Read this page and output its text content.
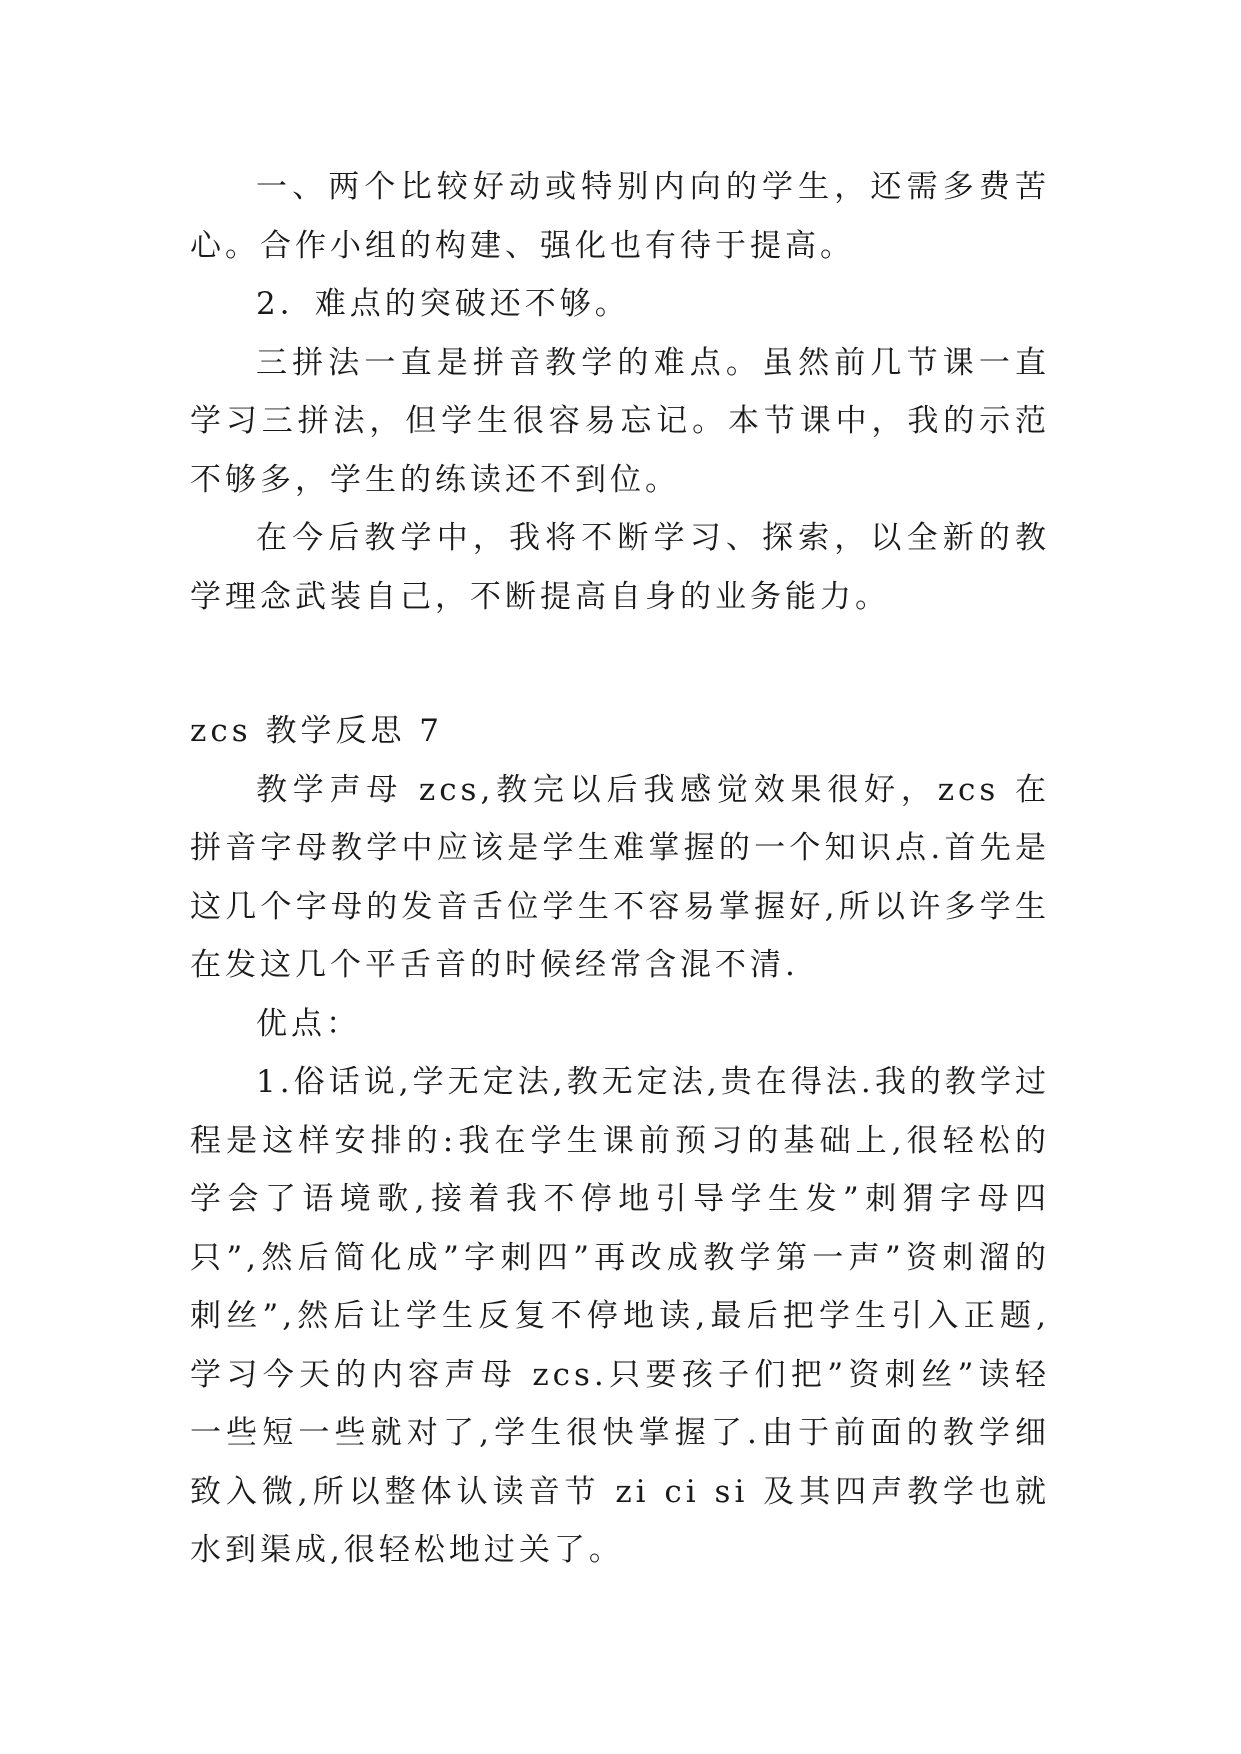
一、两个比较好动或特别内向的学生，还需多费苦心。合作小组的构建、强化也有待于提高。

2．难点的突破还不够。

三拼法一直是拼音教学的难点。虽然前几节课一直学习三拼法，但学生很容易忘记。本节课中，我的示范不够多，学生的练读还不到位。

在今后教学中，我将不断学习、探索，以全新的教学理念武装自己，不断提高自身的业务能力。

zcs 教学反思 7

教学声母 zcs,教完以后我感觉效果很好，zcs 在拼音字母教学中应该是学生难掌握的一个知识点.首先是这几个字母的发音舌位学生不容易掌握好,所以许多学生在发这几个平舌音的时候经常含混不清.

优点：

1.俗话说,学无定法,教无定法,贵在得法.我的教学过程是这样安排的:我在学生课前预习的基础上,很轻松的学会了语境歌,接着我不停地引导学生发”刺猬字母四只”,然后简化成”字刺四”再改成教学第一声”资刺溜的刺丝”,然后让学生反复不停地读,最后把学生引入正题,学习今天的内容声母 zcs.只要孩子们把”资刺丝”读轻一些短一些就对了,学生很快掌握了.由于前面的教学细致入微,所以整体认读音节 zi ci si 及其四声教学也就水到渠成,很轻松地过关了。
